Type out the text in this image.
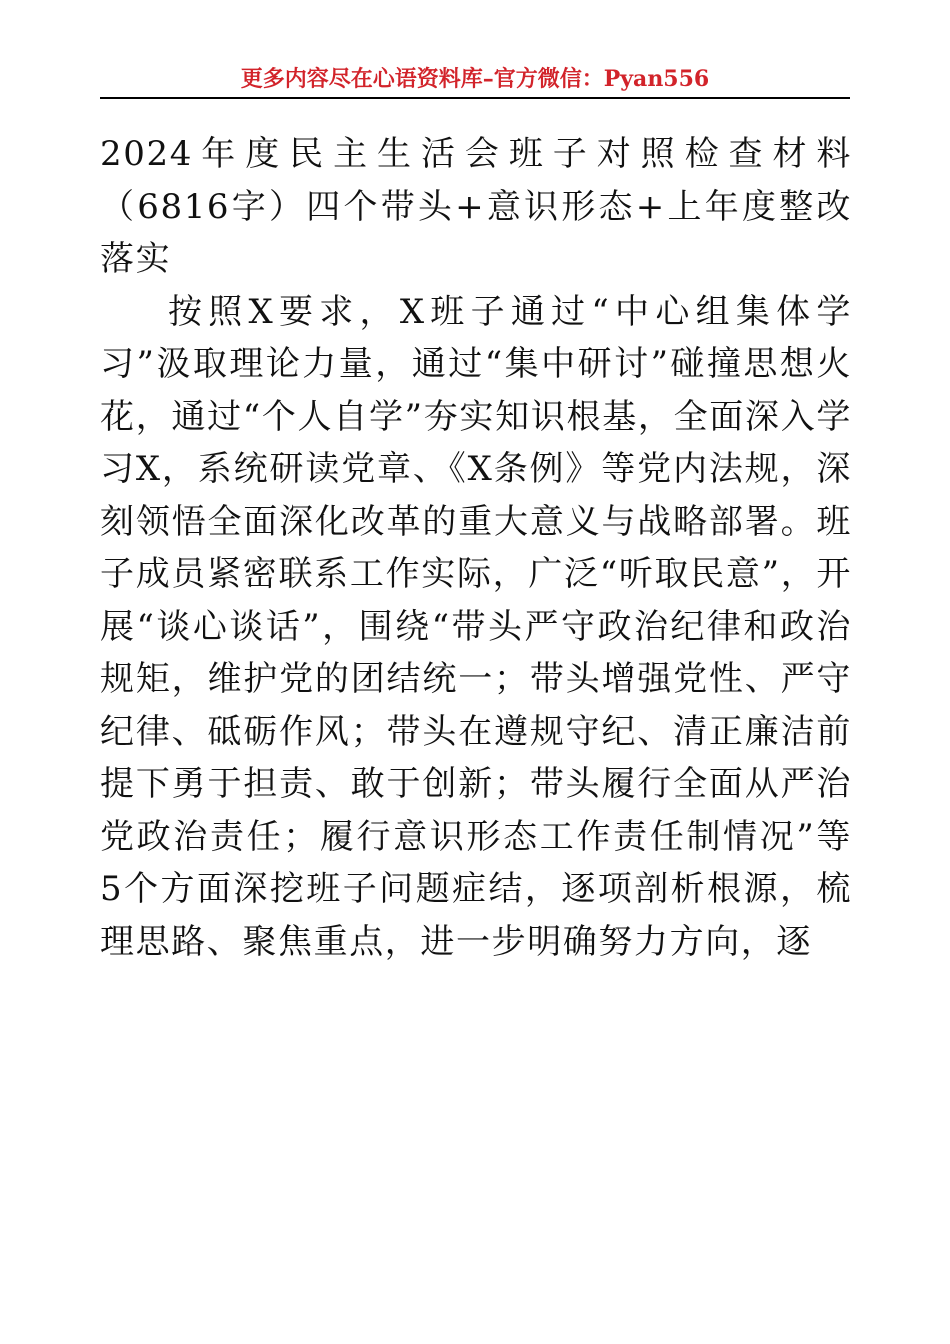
更多内容尽在心语资料库–官方微信：Pyan556
2024年度民主生活会班子对照检查材料（6816字）四个带头+意识形态+上年度整改落实

按照X要求，X班子通过“中心组集体学习”汲取理论力量，通过“集中研讨”碰撞思想火花，通过“个人自学”夯实知识根基，全面深入学习X，系统研读党章、《X条例》等党内法规，深刻领悟全面深化改革的重大意义与战略部署。班子成员紧密联系工作实际，广泛“听取民意”，开展“谈心谈话”，围绕“带头严守政治纪律和政治规矩，维护党的团结统一；带头增强党性、严守纪律、砥砺作风；带头在遵规守纪、清正廉洁前提下勇于担责、敢于创新；带头履行全面从严治党政治责任；履行意识形态工作责任制情况”等5个方面深挖班子问题症结，逐项剖析根源，梳理思路、聚焦重点，进一步明确努力方向，逐
